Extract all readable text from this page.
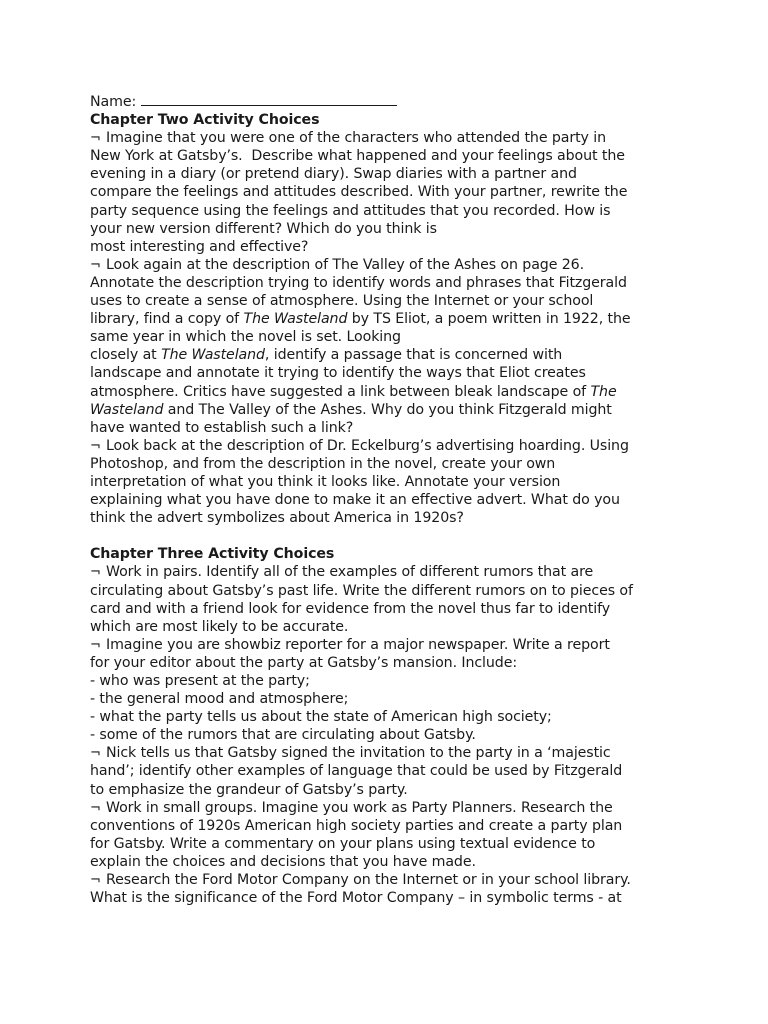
Name:
Chapter Two Activity Choices
¬ Imagine that you were one of the characters who attended the party in
New York at Gatsby’s.  Describe what happened and your feelings about the
evening in a diary (or pretend diary). Swap diaries with a partner and
compare the feelings and attitudes described. With your partner, rewrite the
party sequence using the feelings and attitudes that you recorded. How is
your new version different? Which do you think is
most interesting and effective?
¬ Look again at the description of The Valley of the Ashes on page 26.
Annotate the description trying to identify words and phrases that Fitzgerald
uses to create a sense of atmosphere. Using the Internet or your school
library, find a copy of The Wasteland by TS Eliot, a poem written in 1922, the
same year in which the novel is set. Looking
closely at The Wasteland, identify a passage that is concerned with
landscape and annotate it trying to identify the ways that Eliot creates
atmosphere. Critics have suggested a link between bleak landscape of The
Wasteland and The Valley of the Ashes. Why do you think Fitzgerald might
have wanted to establish such a link?
¬ Look back at the description of Dr. Eckelburg’s advertising hoarding. Using
Photoshop, and from the description in the novel, create your own
interpretation of what you think it looks like. Annotate your version
explaining what you have done to make it an effective advert. What do you
think the advert symbolizes about America in 1920s?
Chapter Three Activity Choices
¬ Work in pairs. Identify all of the examples of different rumors that are
circulating about Gatsby’s past life. Write the different rumors on to pieces of
card and with a friend look for evidence from the novel thus far to identify
which are most likely to be accurate.
¬ Imagine you are showbiz reporter for a major newspaper. Write a report
for your editor about the party at Gatsby’s mansion. Include:
- who was present at the party;
- the general mood and atmosphere;
- what the party tells us about the state of American high society;
- some of the rumors that are circulating about Gatsby.
¬ Nick tells us that Gatsby signed the invitation to the party in a ‘majestic
hand’; identify other examples of language that could be used by Fitzgerald
to emphasize the grandeur of Gatsby’s party.
¬ Work in small groups. Imagine you work as Party Planners. Research the
conventions of 1920s American high society parties and create a party plan
for Gatsby. Write a commentary on your plans using textual evidence to
explain the choices and decisions that you have made.
¬ Research the Ford Motor Company on the Internet or in your school library.
What is the significance of the Ford Motor Company – in symbolic terms - at
